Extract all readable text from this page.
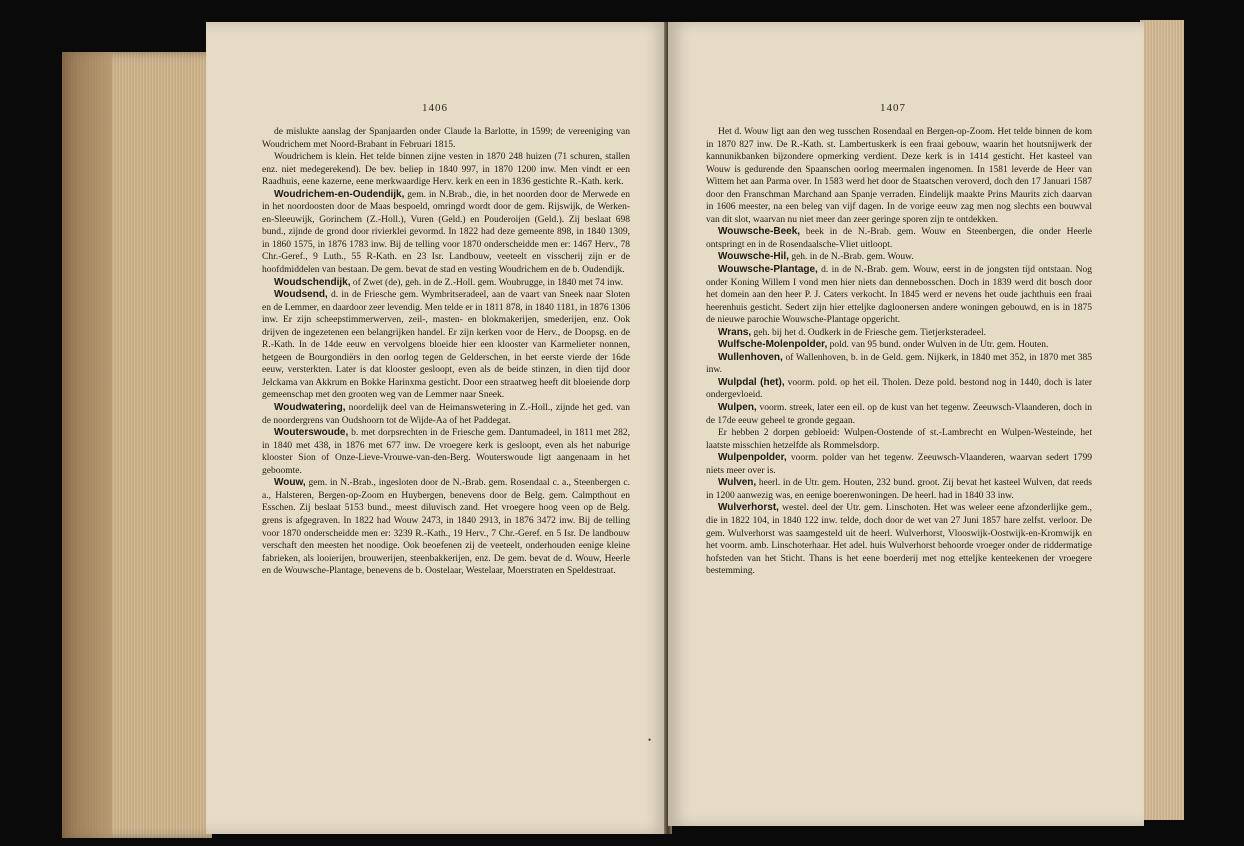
1406

de mislukte aanslag der Spanjaarden onder Claude la Barlotte, in 1599; de vereeniging van Woudrichem met Noord-Brabant in Februari 1815.

Woudrichem is klein. Het telde binnen zijne vesten in 1870 248 huizen (71 schuren, stallen enz. niet medegerekend). De bev. beliep in 1840 997, in 1870 1200 inw. Men vindt er een Raadhuis, eene kazerne, eene merkwaardige Herv. kerk en een in 1836 gestichte R.-Kath. kerk.

Woudrichem-en-Oudendijk, gem. in N.Brab., die, in het noorden door de Merwede en in het noordoosten door de Maas bespoeld, omringd wordt door de gem. Rijswijk, de Werken-en-Sleeuwijk, Gorinchem (Z.-Holl.), Vuren (Geld.) en Pouderoijen (Geld.). Zij beslaat 698 bund., zijnde de grond door rivierklei gevormd. In 1822 had deze gemeente 898, in 1840 1309, in 1860 1575, in 1876 1783 inw. Bij de telling voor 1870 onderscheidde men er: 1467 Herv., 78 Chr.-Geref., 9 Luth., 55 R-Kath. en 23 Isr. Landbouw, veeteelt en visscherij zijn er de hoofdmiddelen van bestaan. De gem. bevat de stad en vesting Woudrichem en de b. Oudendijk.

Woudschendijk, of Zwet (de), geh. in de Z.-Holl. gem. Woubrugge, in 1840 met 74 inw.

Woudsend, d. in de Friesche gem. Wymbritseradeel, aan de vaart van Sneek naar Sloten en de Lemmer, en daardoor zeer levendig. Men telde er in 1811 878, in 1840 1181, in 1876 1306 inw. Er zijn scheepstimmerwerven, zeil-, masten- en blokmakerijen, smederijen, enz. Ook drijven de ingezetenen een belangrijken handel. Er zijn kerken voor de Herv., de Doopsg. en de R.-Kath. In de 14de eeuw en vervolgens bloeide hier een klooster van Karmelieter nonnen, hetgeen de Bourgondiërs in den oorlog tegen de Gelderschen, in het eerste vierde der 16de eeuw, versterkten. Later is dat klooster gesloopt, even als de beide stinzen, in dien tijd door Jelckama van Akkrum en Bokke Harinxma gesticht. Door een straatweg heeft dit bloeiende dorp gemeenschap met den grooten weg van de Lemmer naar Sneek.

Woudwatering, noordelijk deel van de Heimanswetering in Z.-Holl., zijnde het ged. van de noordergrens van Oudshoorn tot de Wijde-Aa of het Paddegat.

Wouterswoude, b. met dorpsrechten in de Friesche gem. Dantumadeel, in 1811 met 282, in 1840 met 438, in 1876 met 677 inw. De vroegere kerk is gesloopt, even als het naburige klooster Sion of Onze-Lieve-Vrouwe-van-den-Berg. Wouterswoude ligt aangenaam in het geboomte.

Wouw, gem. in N.-Brab., ingesloten door de N.-Brab. gem. Rosendaal c. a., Steenbergen c. a., Halsteren, Bergen-op-Zoom en Huybergen, benevens door de Belg. gem. Calmpthout en Esschen. Zij beslaat 5153 bund., meest diluvisch zand. Het vroegere hoog veen op de Belg. grens is afgegraven. In 1822 had Wouw 2473, in 1840 2913, in 1876 3472 inw. Bij de telling voor 1870 onderscheidde men er: 3239 R.-Kath., 19 Herv., 7 Chr.-Geref. en 5 Isr. De landbouw verschaft den meesten het noodige. Ook beoefenen zij de veeteelt, onderhouden eenige kleine fabrieken, als looierijen, brouwerijen, steenbakkerijen, enz. De gem. bevat de d. Wouw, Heerle en de Wouwsche-Plantage, benevens de b. Oostelaar, Westelaar, Moerstraten en Speldestraat.

1407

Het d. Wouw ligt aan den weg tusschen Rosendaal en Bergen-op-Zoom. Het telde binnen de kom in 1870 827 inw. De R.-Kath. st. Lambertuskerk is een fraai gebouw, waarin het houtsnijwerk der kannunikbanken bijzondere opmerking verdient. Deze kerk is in 1414 gesticht. Het kasteel van Wouw is gedurende den Spaanschen oorlog meermalen ingenomen. In 1581 leverde de Heer van Wittem het aan Parma over. In 1583 werd het door de Staatschen veroverd, doch den 17 Januari 1587 door den Franschman Marchand aan Spanje verraden. Eindelijk maakte Prins Maurits zich daarvan in 1606 meester, na een beleg van vijf dagen. In de vorige eeuw zag men nog slechts een bouwval van dit slot, waarvan nu niet meer dan zeer geringe sporen zijn te ontdekken.

Wouwsche-Beek, beek in de N.-Brab. gem. Wouw en Steenbergen, die onder Heerle ontspringt en in de Rosendaalsche-Vliet uitloopt.

Wouwsche-Hil, geh. in de N.-Brab. gem. Wouw.

Wouwsche-Plantage, d. in de N.-Brab. gem. Wouw, eerst in de jongsten tijd ontstaan. Nog onder Koning Willem I vond men hier niets dan dennebosschen. Doch in 1839 werd dit bosch door het domein aan den heer P. J. Caters verkocht. In 1845 werd er nevens het oude jachthuis een fraai heerenhuis gesticht. Sedert zijn hier etteljke dagloonersen andere woningen gebouwd, en is in 1875 de nieuwe parochie Wouwsche-Plantage opgericht.

Wrans, geh. bij het d. Oudkerk in de Friesche gem. Tietjerksteradeel.

Wulfsche-Molenpolder, pold. van 95 bund. onder Wulven in de Utr. gem. Houten.

Wullenhoven, of Wallenhoven, b. in de Geld. gem. Nijkerk, in 1840 met 352, in 1870 met 385 inw.

Wulpdal (het), voorm. pold. op het eil. Tholen. Deze pold. bestond nog in 1440, doch is later ondergevloeid.

Wulpen, voorm. streek, later een eil. op de kust van het tegenw. Zeeuwsch-Vlaanderen, doch in de 17de eeuw geheel te gronde gegaan.

Er hebben 2 dorpen gebloeid: Wulpen-Oostende of st.-Lambrecht en Wulpen-Westeinde, het laatste misschien hetzelfde als Rommelsdorp.

Wulpenpolder, voorm. polder van het tegenw. Zeeuwsch-Vlaanderen, waarvan sedert 1799 niets meer over is.

Wulven, heerl. in de Utr. gem. Houten, 232 bund. groot. Zij bevat het kasteel Wulven, dat reeds in 1200 aanwezig was, en eenige boerenwoningen. De heerl. had in 1840 33 inw.

Wulverhorst, westel. deel der Utr. gem. Linschoten. Het was weleer eene afzonderlijke gem., die in 1822 104, in 1840 122 inw. telde, doch door de wet van 27 Juni 1857 hare zelfst. verloor. De gem. Wulverhorst was saamgesteld uit de heerl. Wulverhorst, Vlooswijk-Oostwijk-en-Kromwijk en het voorm. amb. Linschoterhaar. Het adel. huis Wulverhorst behoorde vroeger onder de riddermatige hofsteden van het Sticht. Thans is het eene boerderij met nog etteljke kenteekenen der vroegere bestemming.

•
